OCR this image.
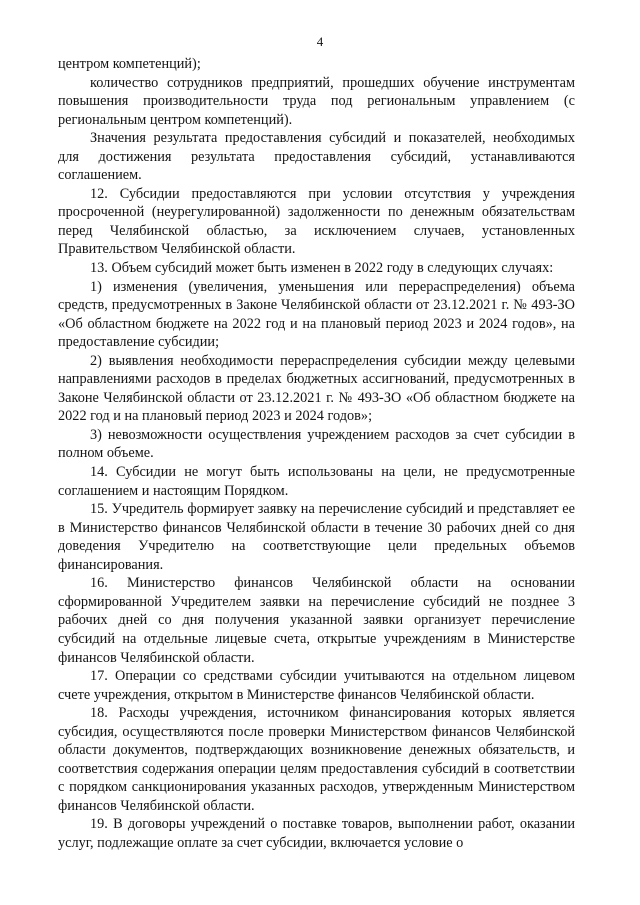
4

центром компетенций);

количество сотрудников предприятий, прошедших обучение инструментам повышения производительности труда под региональным управлением (с региональным центром компетенций).

Значения результата предоставления субсидий и показателей, необходимых для достижения результата предоставления субсидий, устанавливаются соглашением.

12. Субсидии предоставляются при условии отсутствия у учреждения просроченной (неурегулированной) задолженности по денежным обязательствам перед Челябинской областью, за исключением случаев, установленных Правительством Челябинской области.

13. Объем субсидий может быть изменен в 2022 году в следующих случаях:

1) изменения (увеличения, уменьшения или перераспределения) объема средств, предусмотренных в Законе Челябинской области от 23.12.2021 г. № 493-ЗО «Об областном бюджете на 2022 год и на плановый период 2023 и 2024 годов», на предоставление субсидии;

2) выявления необходимости перераспределения субсидии между целевыми направлениями расходов в пределах бюджетных ассигнований, предусмотренных в Законе Челябинской области от 23.12.2021 г. № 493-ЗО «Об областном бюджете на 2022 год и на плановый период 2023 и 2024 годов»;

3) невозможности осуществления учреждением расходов за счет субсидии в полном объеме.

14. Субсидии не могут быть использованы на цели, не предусмотренные соглашением и настоящим Порядком.

15. Учредитель формирует заявку на перечисление субсидий и представляет ее в Министерство финансов Челябинской области в течение 30 рабочих дней со дня доведения Учредителю на соответствующие цели предельных объемов финансирования.

16. Министерство финансов Челябинской области на основании сформированной Учредителем заявки на перечисление субсидий не позднее 3 рабочих дней со дня получения указанной заявки организует перечисление субсидий на отдельные лицевые счета, открытые учреждениям в Министерстве финансов Челябинской области.

17. Операции со средствами субсидии учитываются на отдельном лицевом счете учреждения, открытом в Министерстве финансов Челябинской области.

18. Расходы учреждения, источником финансирования которых является субсидия, осуществляются после проверки Министерством финансов Челябинской области документов, подтверждающих возникновение денежных обязательств, и соответствия содержания операции целям предоставления субсидий в соответствии с порядком санкционирования указанных расходов, утвержденным Министерством финансов Челябинской области.

19. В договоры учреждений о поставке товаров, выполнении работ, оказании услуг, подлежащие оплате за счет субсидии, включается условие о
